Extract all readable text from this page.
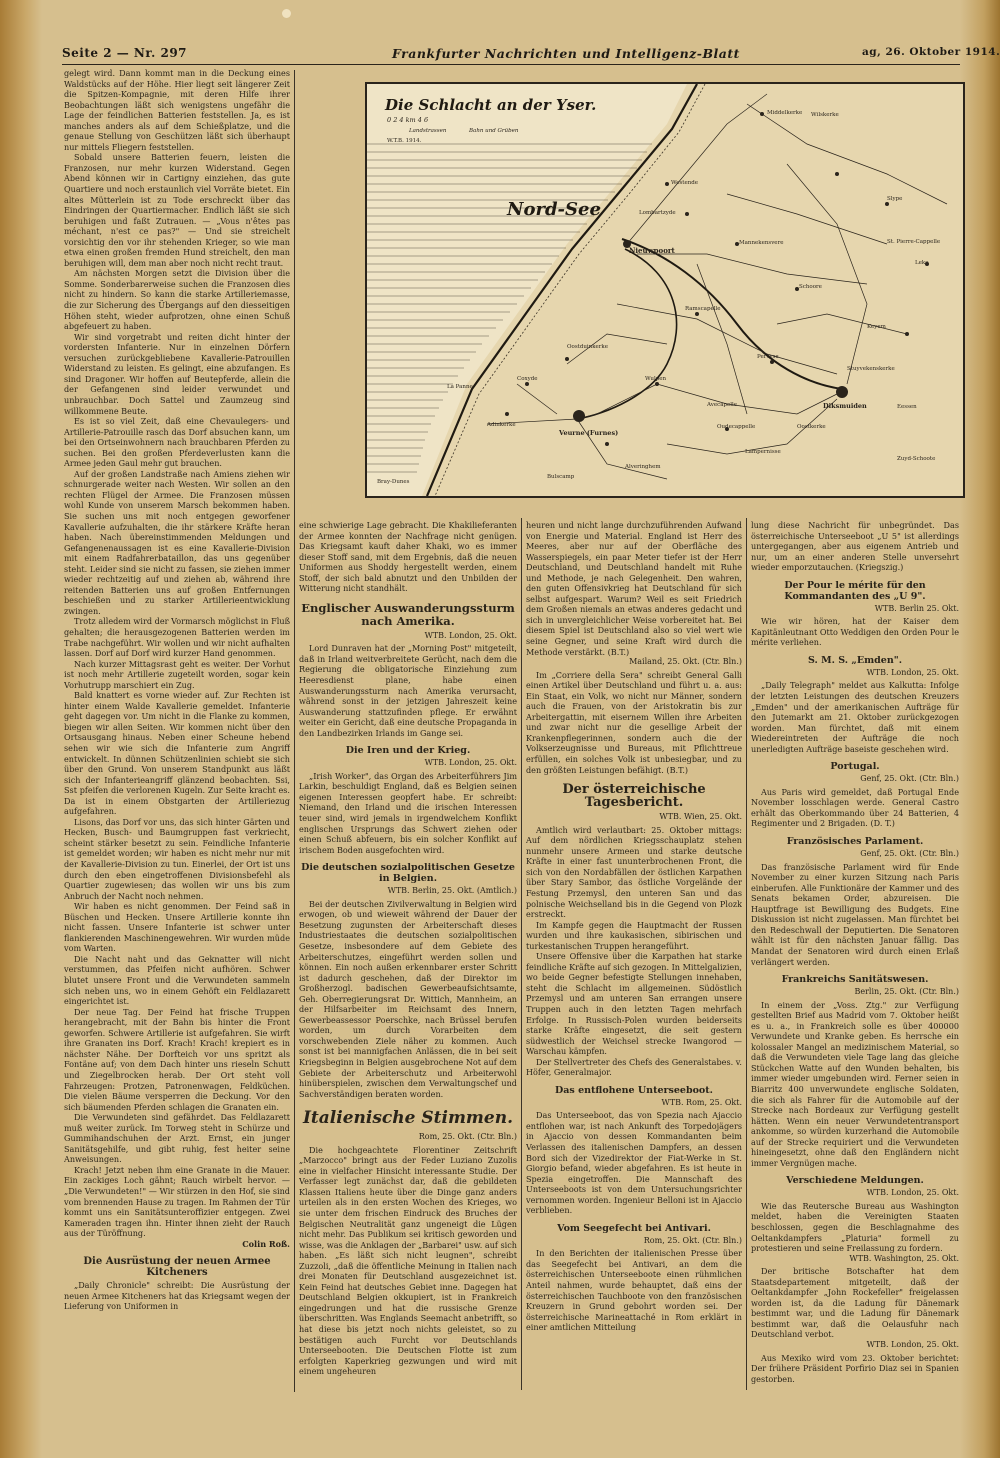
Seite 2 — Nr. 297	Frankfurter Nachrichten und Intelligenz-Blatt	ag, 26. Oktober 1914.
Die Schlacht an der Yser.
0 2 4 km 4 6
Landstrassen	Bahn und Grüben
W.T.B. 1914.
Nord-See
Nieuwpoort
Lombartzyde
Westende
Middelkerke Wilskerke
Mannekensvere
Schoore
Keyem
Veurne (Furnes)
Diksmuiden
Pervyse
Ramscapelle
Oostduinkerke
Wulpen
Avecapelle
Adinkerke
Coxyde
La Panne
Alveringhem
Lampernisse
Oostkerke
Eessen
Zuyd-Schoote
St. Pierre-Cappelle
Leke
Slype
Stuyvekenskerke
Oudecappelle
Bulscamp
Bray-Dunes

gelegt wird. Dann kommt man in die Deckung eines Waldstücks auf der Höhe. Hier liegt seit längerer Zeit die Spitzen-Kompagnie, mit deren Hilfe ihrer Beobachtungen läßt sich wenigstens ungefähr die Lage der feindlichen Batterien feststellen. Ja, es ist manches anders als auf dem Schießplatze, und die genaue Stellung von Geschützen läßt sich überhaupt nur mittels Fliegern feststellen.

Sobald unsere Batterien feuern, leisten die Franzosen, nur mehr kurzen Widerstand. Gegen Abend können wir in Cartigny einziehen, das gute Quartiere und noch erstaunlich viel Vorräte bietet. Ein altes Mütterlein ist zu Tode erschreckt über das Eindringen der Quartiermacher. Endlich läßt sie sich beruhigen und faßt Zutrauen. — „Vous n'êtes pas méchant, n'est ce pas?" — Und sie streichelt vorsichtig den vor ihr stehenden Krieger, so wie man etwa einen großen fremden Hund streichelt, den man beruhigen will, dem man aber noch nicht recht traut.

Am nächsten Morgen setzt die Division über die Somme. Sonderbarerweise suchen die Franzosen dies nicht zu hindern. So kann die starke Artilleriemasse, die zur Sicherung des Übergangs auf den diesseitigen Höhen steht, wieder aufprotzen, ohne einen Schuß abgefeuert zu haben.

Wir sind vorgetrabt und reiten dicht hinter der vordersten Infanterie. Nur in einzelnen Dörfern versuchen zurückgebliebene Kavallerie-Patrouillen Widerstand zu leisten. Es gelingt, eine abzufangen. Es sind Dragoner. Wir hoffen auf Beutepferde, allein die der Gefangenen sind leider verwundet und unbrauchbar. Doch Sattel und Zaumzeug sind willkommene Beute.

Es ist so viel Zeit, daß eine Chevaulegers- und Artillerie-Patrouille rasch das Dorf absuchen kann, um bei den Ortseinwohnern nach brauchbaren Pferden zu suchen. Bei den großen Pferdeverlusten kann die Armee jeden Gaul mehr gut brauchen.

Auf der großen Landstraße nach Amiens ziehen wir schnurgerade weiter nach Westen. Wir sollen an den rechten Flügel der Armee. Die Franzosen müssen wohl Kunde von unserem Marsch bekommen haben. Sie suchen uns mit noch entgegen geworfener Kavallerie aufzuhalten, die ihr stärkere Kräfte heran haben. Nach übereinstimmenden Meldungen und Gefangenenaussagen ist es eine Kavallerie-Division mit einem Radfahrerbataillon, das uns gegenüber steht. Leider sind sie nicht zu fassen, sie ziehen immer wieder rechtzeitig auf und ziehen ab, während ihre reitenden Batterien uns auf großen Entfernungen beschießen und zu starker Artillerieentwicklung zwingen.

Trotz alledem wird der Vormarsch möglichst in Fluß gehalten; die herausgezogenen Batterien werden im Trabe nachgeführt. Wir wollen und wir nicht aufhalten lassen. Dorf auf Dorf wird kurzer Hand genommen.

Nach kurzer Mittagsrast geht es weiter. Der Vorhut ist noch mehr Artillerie zugeteilt worden, sogar kein Vorhutrupp marschiert ein Zug.

Bald knattert es vorne wieder auf. Zur Rechten ist hinter einem Walde Kavallerie gemeldet. Infanterie geht dagegen vor. Um nicht in die Flanke zu kommen, biegen wir allen Seiten. Wir kommen nicht über den Ortsausgang hinaus. Neben einer Scheune hebend sehen wir wie sich die Infanterie zum Angriff entwickelt. In dünnen Schützenlinien schiebt sie sich über den Grund. Von unserem Standpunkt aus läßt sich der Infanterieangriff glänzend beobachten. Ssi, Sst pfeifen die verlorenen Kugeln. Zur Seite kracht es. Da ist in einem Obstgarten der Artilleriezug aufgefahren.

Lisons, das Dorf vor uns, das sich hinter Gärten und Hecken, Busch- und Baumgruppen fast verkriecht, scheint stärker besetzt zu sein. Feindliche Infanterie ist gemeldet worden; wir haben es nicht mehr nur mit der Kavallerie-Division zu tun. Einerlei, der Ort ist uns durch den eben eingetroffenen Divisionsbefehl als Quartier zugewiesen; das wollen wir uns bis zum Anbruch der Nacht noch nehmen.

Wir haben es nicht genommen. Der Feind saß in Büschen und Hecken. Unsere Artillerie konnte ihn nicht fassen. Unsere Infanterie ist schwer unter flankierenden Maschinengewehren. Wir wurden müde vom Warten.

Die Nacht naht und das Geknatter will nicht verstummen, das Pfeifen nicht aufhören. Schwer blutet unsere Front und die Verwundeten sammeln sich neben uns, wo in einem Gehöft ein Feldlazarett eingerichtet ist.

Der neue Tag. Der Feind hat frische Truppen herangebracht, mit der Bahn bis hinter die Front geworfen. Schwere Artillerie ist aufgefahren. Sie wirft ihre Granaten ins Dorf. Krach! Krach! krepiert es in nächster Nähe. Der Dorfteich vor uns spritzt als Fontäne auf; von dem Dach hinter uns rieseln Schutt und Ziegelbrocken herab. Der Ort steht voll Fahrzeugen: Protzen, Patronenwagen, Feldküchen. Die vielen Bäume versperren die Deckung. Vor den sich bäumenden Pferden schlagen die Granaten ein.

Die Verwundeten sind gefährdet. Das Feldlazarett muß weiter zurück. Im Torweg steht in Schürze und Gummihandschuhen der Arzt. Ernst, ein junger Sanitätsgehilfe, und gibt ruhig, fest heiter seine Anweisungen.

Krach! Jetzt neben ihm eine Granate in die Mauer. Ein zackiges Loch gähnt; Rauch wirbelt hervor. — „Die Verwundeten!" — Wir stürzen in den Hof, sie sind vom brennenden Hause zu tragen. Im Rahmen der Tür kommt uns ein Sanitätsunteroffizier entgegen. Zwei Kameraden tragen ihn. Hinter ihnen zieht der Rauch aus der Türöffnung.

Colin Roß.

Die Ausrüstung der neuen Armee Kitcheners

„Daily Chronicle" schreibt: Die Ausrüstung der neuen Armee Kitcheners hat das Kriegsamt wegen der Lieferung von Uniformen in

eine schwierige Lage gebracht. Die Khakilieferanten der Armee konnten der Nachfrage nicht genügen. Das Kriegsamt kauft daher Khaki, wo es immer dieser Stoff sand, mit dem Ergebnis, daß die neuen Uniformen aus Shoddy hergestellt werden, einem Stoff, der sich bald abnutzt und den Unbilden der Witterung nicht standhält.

Englischer Auswanderungssturm nach Amerika.

WTB. London, 25. Okt.

Lord Dunraven hat der „Morning Post" mitgeteilt, daß in Irland weitverbreitete Gerücht, nach dem die Regierung die obligatorische Einziehung zum Heeresdienst plane, habe einen Auswanderungssturm nach Amerika verursacht, während sonst in der jetzigen Jahreszeit keine Auswanderung stattzufinden pflege. Er erwähnt weiter ein Gericht, daß eine deutsche Propaganda in den Landbezirken Irlands im Gange sei.

Die Iren und der Krieg.

WTB. London, 25. Okt.

„Irish Worker", das Organ des Arbeiterführers Jim Larkin, beschuldigt England, daß es Belgien seinen eigenen Interessen geopfert habe. Er schreibt: Niemand, den Irland und die irischen Interessen teuer sind, wird jemals in irgendwelchem Konflikt englischen Ursprungs das Schwert ziehen oder einen Schuß abfeuern, bis ein solcher Konflikt auf irischem Boden ausgefochten wird.

Die deutschen sozialpolitischen Gesetze in Belgien.

WTB. Berlin, 25. Okt. (Amtlich.)

Bei der deutschen Zivilverwaltung in Belgien wird erwogen, ob und wieweit während der Dauer der Besetzung zugunsten der Arbeiterschaft dieses Industriestaates die deutschen sozialpolitischen Gesetze, insbesondere auf dem Gebiete des Arbeiterschutzes, eingeführt werden sollen und können. Ein noch außen erkennbarer erster Schritt ist dadurch geschehen, daß der Direktor im Großherzogl. badischen Gewerbeaufsichtsamte, Geh. Oberregierungsrat Dr. Wittich, Mannheim, an der Hilfsarbeiter im Reichsamt des Innern, Gewerbeassessor Poerschke, nach Brüssel berufen worden, um durch Vorarbeiten dem vorschwebenden Ziele näher zu kommen. Auch sonst ist bei mannigfachen Anlässen, die in bei seit Kriegsbeginn in Belgien ausgebrochene Not auf dem Gebiete der Arbeiterschutz und Arbeiterwohl hinüberspielen, zwischen dem Verwaltungschef und Sachverständigen beraten worden.

Italienische Stimmen.

Rom, 25. Okt. (Ctr. Bln.)

Die hochgeachtete Florentiner Zeitschrift „Marzocco" bringt aus der Feder Luziano Zuzolis eine in vielfacher Hinsicht interessante Studie. Der Verfasser legt zunächst dar, daß die gebildeten Klassen Italiens heute über die Dinge ganz anders urteilen als in den ersten Wochen des Krieges, wo sie unter dem frischen Eindruck des Bruches der Belgischen Neutralität ganz ungeneigt die Lügen nicht mehr. Das Publikum sei kritisch geworden und wisse, was die Anklagen der „Barbarei" usw. auf sich haben. „Es läßt sich nicht leugnen", schreibt Zuzzoli, „daß die öffentliche Meinung in Italien nach drei Monaten für Deutschland ausgezeichnet ist. Kein Feind hat deutsches Gebiet inne. Dagegen hat Deutschland Belgien okkupiert, ist in Frankreich eingedrungen und hat die russische Grenze überschritten. Was Englands Seemacht anbetrifft, so hat diese bis jetzt noch nichts geleistet, so zu bestätigen auch Furcht vor Deutschlands Unterseebooten. Die Deutschen Flotte ist zum erfolgten Kaperkrieg gezwungen und wird mit einem ungeheuren

heuren und nicht lange durchzuführenden Aufwand von Energie und Material. England ist Herr des Meeres, aber nur auf der Oberfläche des Wasserspiegels, ein paar Meter tiefer ist der Herr Deutschland, und Deutschland handelt mit Ruhe und Methode, je nach Gelegenheit. Den wahren, den guten Offensivkrieg hat Deutschland für sich selbst aufgespart. Warum? Weil es seit Friedrich dem Großen niemals an etwas anderes gedacht und sich in unvergleichlicher Weise vorbereitet hat. Bei diesem Spiel ist Deutschland also so viel wert wie seine Gegner, und seine Kraft wird durch die Methode verstärkt. (B.T.)

Mailand, 25. Okt. (Ctr. Bln.)

Im „Corriere della Sera" schreibt General Galli einen Artikel über Deutschland und führt u. a. aus: Ein Staat, ein Volk, wo nicht nur Männer, sondern auch die Frauen, von der Aristokratin bis zur Arbeitergattin, mit eisernem Willen ihre Arbeiten und zwar nicht nur die gesellige Arbeit der Krankenpflegerinnen, sondern auch die der Volkserzeugnisse und Bureaus, mit Pflichttreue erfüllen, ein solches Volk ist unbesiegbar, und zu den größten Leistungen befähigt. (B.T.)

Der österreichische Tagesbericht.

WTB. Wien, 25. Okt.

Amtlich wird verlautbart: 25. Oktober mittags: Auf dem nördlichen Kriegsschauplatz stehen nunmehr unsere Armeen und starke deutsche Kräfte in einer fast ununterbrochenen Front, die sich von den Nordabfällen der östlichen Karpathen über Stary Sambor, das östliche Vorgelände der Festung Przemysl, den unteren San und das polnische Weichselland bis in die Gegend von Plozk erstreckt.

Im Kampfe gegen die Hauptmacht der Russen wurden und ihre kaukasischen, sibirischen und turkestanischen Truppen herangeführt.

Unsere Offensive über die Karpathen hat starke feindliche Kräfte auf sich gezogen. In Mittelgalizien, wo beide Gegner befestigte Stellungen innehaben, steht die Schlacht im allgemeinen. Südöstlich Przemysl und am unteren San errangen unsere Truppen auch in den letzten Tagen mehrfach Erfolge. In Russisch-Polen wurden beiderseits starke Kräfte eingesetzt, die seit gestern südwestlich der Weichsel strecke Iwangorod — Warschau kämpfen.

Der Stellvertreter des Chefs des Generalstabes. v. Höfer, Generalmajor.

Das entflohene Unterseeboot.

WTB. Rom, 25. Okt.

Das Unterseeboot, das von Spezia nach Ajaccio entflohen war, ist nach Ankunft des Torpedojägers in Ajaccio von dessen Kommandanten beim Verlassen des italienischen Dampfers, an dessen Bord sich der Vizedirektor der Fiat-Werke in St. Giorgio befand, wieder abgefahren. Es ist heute in Spezia eingetroffen. Die Mannschaft des Unterseeboots ist von dem Untersuchungsrichter vernommen worden. Ingenieur Belloni ist in Ajaccio verblieben.

Vom Seegefecht bei Antivari.

Rom, 25. Okt. (Ctr. Bln.)

In den Berichten der italienischen Presse über das Seegefecht bei Antivari, an dem die österreichischen Unterseeboote einen rühmlichen Anteil nahmen, wurde behauptet, daß eins der österreichischen Tauchboote von den französischen Kreuzern in Grund gebohrt worden sei. Der österreichische Marineattaché in Rom erklärt in einer amtlichen Mitteilung

lung diese Nachricht für unbegründet. Das österreichische Unterseeboot „U 5" ist allerdings untergegangen, aber aus eigenem Antrieb und nur, um an einer anderen Stelle unversehrt wieder emporzutauchen. (Kriegszig.)

Der Pour le mérite für den Kommandanten des „U 9".

WTB. Berlin 25. Okt.

Wie wir hören, hat der Kaiser dem Kapitänleutnant Otto Weddigen den Orden Pour le mérite verliehen.

S. M. S. „Emden".

WTB. London, 25. Okt.

„Daily Telegraph" meldet aus Kalkutta: Infolge der letzten Leistungen des deutschen Kreuzers „Emden" und der amerikanischen Aufträge für den Jutemarkt am 21. Oktober zurückgezogen worden. Man fürchtet, daß mit einem Wiedereintreten der Aufträge die noch unerledigten Aufträge baseiste geschehen wird.

Portugal.

Genf, 25. Okt. (Ctr. Bln.)

Aus Paris wird gemeldet, daß Portugal Ende November losschlagen werde. General Castro erhält das Oberkommando über 24 Batterien, 4 Regimenter und 2 Brigaden. (D. T.)

Französisches Parlament.

Genf, 25. Okt. (Ctr. Bln.)

Das französische Parlament wird für Ende November zu einer kurzen Sitzung nach Paris einberufen. Alle Funktionäre der Kammer und des Senats bekamen Order, abzureisen. Die Hauptfrage ist Bewilligung des Budgets. Eine Diskussion ist nicht zugelassen. Man fürchtet bei den Redeschwall der Deputierten. Die Senatoren wählt ist für den nächsten Januar fällig. Das Mandat der Senatoren wird durch einen Erlaß verlängert werden.

Frankreichs Sanitätswesen.

Berlin, 25. Okt. (Ctr. Bln.)

In einem der „Voss. Ztg." zur Verfügung gestellten Brief aus Madrid vom 7. Oktober heißt es u. a., in Frankreich solle es über 400000 Verwundete und Kranke geben. Es herrsche ein kolossaler Mangel an medizinischem Material, so daß die Verwundeten viele Tage lang das gleiche Stückchen Watte auf den Wunden behalten, bis immer wieder umgebunden wird. Ferner seien in Biarritz 400 unverwundete englische Soldaten, die sich als Fahrer für die Automobile auf der Strecke nach Bordeaux zur Verfügung gestellt hätten. Wenn ein neuer Verwundetentransport ankomme, so würden kurzerhand die Automobile auf der Strecke requiriert und die Verwundeten hineingesetzt, ohne daß den Engländern nicht immer Vergnügen mache.

Verschiedene Meldungen.

WTB. London, 25. Okt.

Wie das Reutersche Bureau aus Washington meldet, haben die Vereinigten Staaten beschlossen, gegen die Beschlagnahme des Oeltankdampfers „Platuria" formell zu protestieren und seine Freilassung zu fordern.

WTB. Washington, 25. Okt.

Der britische Botschafter hat dem Staatsdepartement mitgeteilt, daß der Oeltankdampfer „John Rockefeller" freigelassen worden ist, da die Ladung für Dänemark bestimmt war, und die Ladung für Dänemark bestimmt war, daß die Oelausfuhr nach Deutschland verbot.

WTB. London, 25. Okt.

Aus Mexiko wird vom 23. Oktober berichtet: Der frühere Präsident Porfirio Diaz sei in Spanien gestorben.
